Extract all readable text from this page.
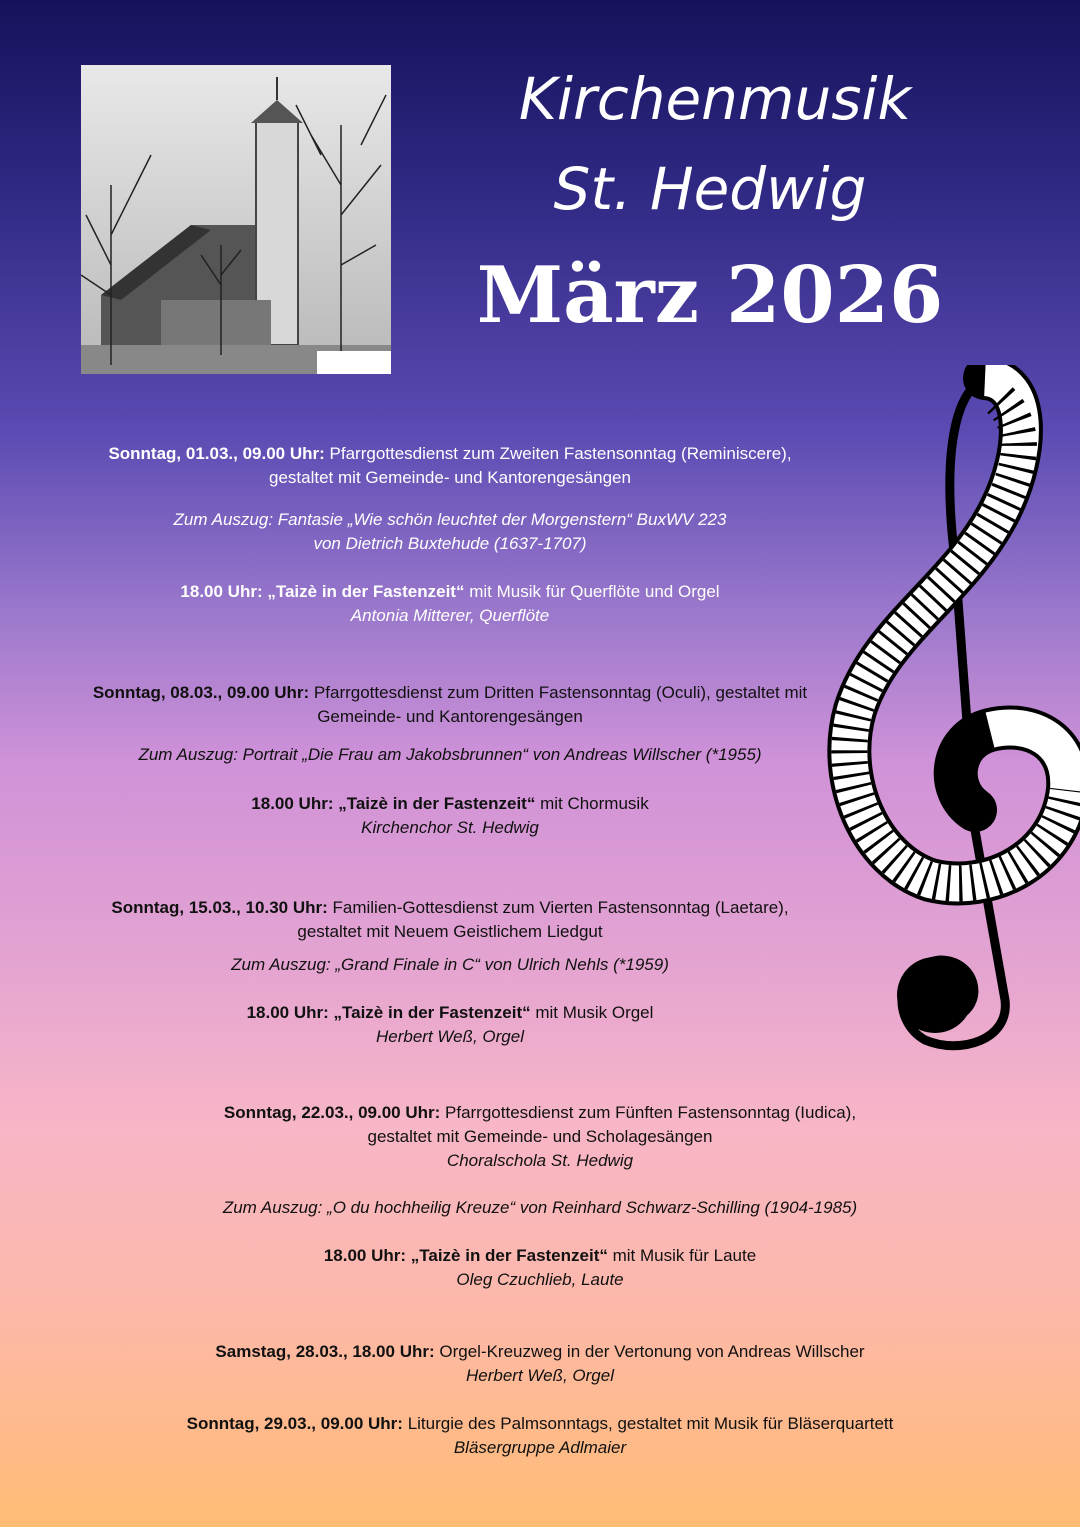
Kirchenmusik
St. Hedwig
März 2026
Sonntag, 01.03., 09.00 Uhr: Pfarrgottesdienst zum Zweiten Fastensonntag (Reminiscere),
gestaltet mit Gemeinde- und Kantorengesängen
Zum Auszug: Fantasie „Wie schön leuchtet der Morgenstern“ BuxWV 223
von Dietrich Buxtehude (1637-1707)
18.00 Uhr: „Taizè in der Fastenzeit“ mit Musik für Querflöte und Orgel
Antonia Mitterer, Querflöte
Sonntag, 08.03., 09.00 Uhr: Pfarrgottesdienst zum Dritten Fastensonntag (Oculi), gestaltet mit
Gemeinde- und Kantorengesängen
Zum Auszug: Portrait „Die Frau am Jakobsbrunnen“ von Andreas Willscher (*1955)
18.00 Uhr: „Taizè in der Fastenzeit“ mit Chormusik
Kirchenchor St. Hedwig
Sonntag, 15.03., 10.30 Uhr: Familien-Gottesdienst zum Vierten Fastensonntag (Laetare),
gestaltet mit Neuem Geistlichem Liedgut
Zum Auszug: „Grand Finale in C“ von Ulrich Nehls (*1959)
18.00 Uhr: „Taizè in der Fastenzeit“ mit Musik Orgel
Herbert Weß, Orgel
Sonntag, 22.03., 09.00 Uhr: Pfarrgottesdienst zum Fünften Fastensonntag (Iudica),
gestaltet mit Gemeinde- und Scholagesängen
Choralschola St. Hedwig
Zum Auszug: „O du hochheilig Kreuze“ von Reinhard Schwarz-Schilling (1904-1985)
18.00 Uhr: „Taizè in der Fastenzeit“ mit Musik für Laute
Oleg Czuchlieb, Laute
Samstag, 28.03., 18.00 Uhr: Orgel-Kreuzweg in der Vertonung von Andreas Willscher
Herbert Weß, Orgel
Sonntag, 29.03., 09.00 Uhr: Liturgie des Palmsonntags, gestaltet mit Musik für Bläserquartett
Bläsergruppe Adlmaier
